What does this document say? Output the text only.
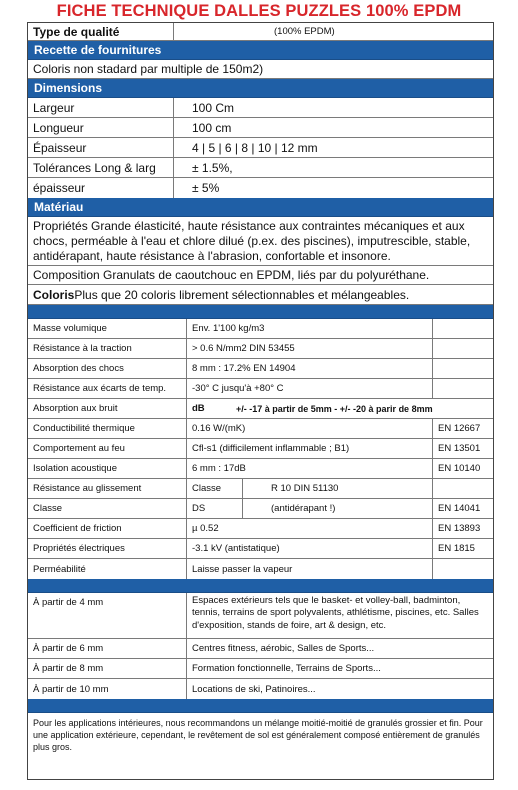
FICHE TECHNIQUE DALLES PUZZLES 100% EPDM
Type de qualité	(100% EPDM)
Recette de fournitures
Coloris non stadard par multiple de 150m2)
Dimensions
Largeur	100 Cm
Longueur	100 cm
Épaisseur	4 | 5 | 6 | 8 | 10 | 12 mm
Tolérances Long & larg	± 1.5%,
épaisseur	± 5%
Matériau
Propriétés Grande élasticité, haute résistance aux contraintes mécaniques et aux chocs, perméable à l'eau et chlore dilué (p.ex. des piscines), imputrescible, stable, antidérapant, haute résistance à l'abrasion, confortable et insonore.
Composition Granulats de caoutchouc en EPDM, liés par du polyuréthane.
Coloris Plus que 20 coloris librement sélectionnables et mélangeables.
Masse volumique	Env. 1'100 kg/m3
Résistance à la traction	> 0.6 N/mm2 DIN 53455
Absorption des chocs	8 mm : 17.2% EN 14904
Résistance aux écarts de temp.	-30° C jusqu'à +80° C
Absorption aux bruit	dB	+/- -17 à partir de 5mm - +/- -20 à parir de 8mm
Conductibilité thermique	0.16 W/(mK)	EN 12667
Comportement au feu	Cfl-s1 (difficilement inflammable ; B1)	EN 13501
Isolation acoustique	6 mm : 17dB	EN 10140
Résistance au glissement	Classe	R 10 DIN 51130
Classe	DS	(antidérapant !)	EN 14041
Coefficient de friction	µ 0.52	EN 13893
Propriétés électriques	-3.1 kV (antistatique)	EN 1815
Perméabilité	Laisse passer la vapeur
À partir de 4 mm	Espaces extérieurs tels que le basket- et volley-ball, badminton, tennis, terrains de sport polyvalents, athlétisme, piscines, etc. Salles d'exposition, stands de foire, art & design, etc.
À partir de 6 mm	Centres fitness, aérobic, Salles de Sports...
À partir de 8 mm	Formation fonctionnelle, Terrains de Sports...
À partir de 10 mm	Locations de ski, Patinoires...
Pour les applications intérieures, nous recommandons un mélange moitié-moitié de granulés grossier et fin. Pour une application extérieure, cependant, le revêtement de sol est généralement composé entièrement de granulés plus gros.
